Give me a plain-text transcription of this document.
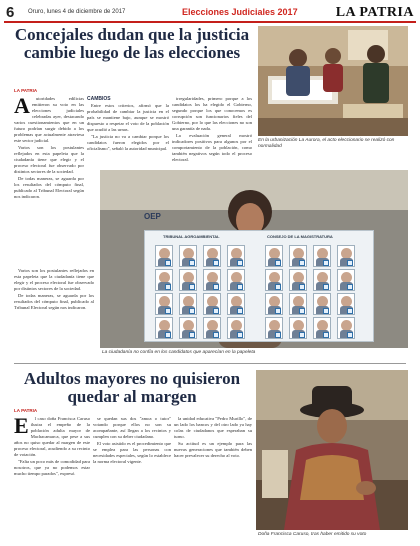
6 Oruro, lunes 4 de diciembre de 2017	Elecciones Judiciales 2017	LA PATRIA
Concejales dudan que la justicia cambie luego de las elecciones
En la urbanización La Aurora, el acto eleccionario se realizó con normalidad
LA PATRIA
A	utoridades edilicias emitieron su voto en las elecciones judiciales celebradas ayer, destacando varios cuestionamientos que en un futuro podrían surgir debido a los problemas que actualmente atraviesa este sector judicial.

Varios son los postulantes reflejados en esta papeleta que la ciudadanía tiene que elegir y el proceso electoral fue observado por distintos sectores de la sociedad.

De todas maneras, se aguarda por los resultados del cómputo final, publicado al Tribunal Electoral según nos indicaron.

CAMBIOS

Entre estos criterios, afirmó que la probabilidad de cambiar la justicia en el país se mantiene bajo, aunque se mostró dispuesto a respetar el voto de la población que acudió a las urnas.

"La justicia no va a cambiar porque los candidatos fueron elegidos por el oficialismo", señaló la autoridad municipal.

irregularidades, primero porque a los candidatos los ha elegido el Gobierno, segundo porque los que conocemos es corrupción son funcionarios fieles del Gobierno, por lo que las elecciones no son una garantía de nada.

La evaluación general mostró indicadores positivos para algunos por el comportamiento de la población, como también negativos según todo el proceso electoral.

TRIBUNAL AGROAMBIENTAL	CONSEJO DE LA MAGISTRATURA
OEP
La ciudadanía no confía en los candidatos que aparecían en la papeleta

Varios son los postulantes reflejados en esta papeleta que la ciudadanía tiene que elegir y el proceso electoral fue observado por distintos sectores de la sociedad.

De todas maneras, se aguarda por los resultados del cómputo final, publicado al Tribunal Electoral según nos indicaron.

Adultos mayores no quisieron quedar al margen
Doña Francisca Caruso, tras haber emitido su voto
LA PATRIA
E	l caso doña Francisca Caruso ilustra el empeño de la población adulta mayor de Machacamarca, que pese a sus años no quiso quedar al margen de este proceso electoral, acudiendo a su recinto de votación.

"Falta un poco más de comodidad para nosotros, que ya no podemos estar mucho tiempo parados", expresó.

se quedan sus dos "amoa o tutor" votando porque ellos no son su acompañante, así llegan a los recintos y cumplen con su deber ciudadano.

El voto asistido es el procedimiento que se emplea para las personas con necesidades especiales, según lo establece la norma electoral vigente.

la unidad educativa "Pedro Murillo", de un lado los bancos y del otro lado ya hay colas de ciudadanos que esperaban su turno.

Su actitud es un ejemplo para las nuevas generaciones que también deben hacer prevalecer su derecho al voto.
